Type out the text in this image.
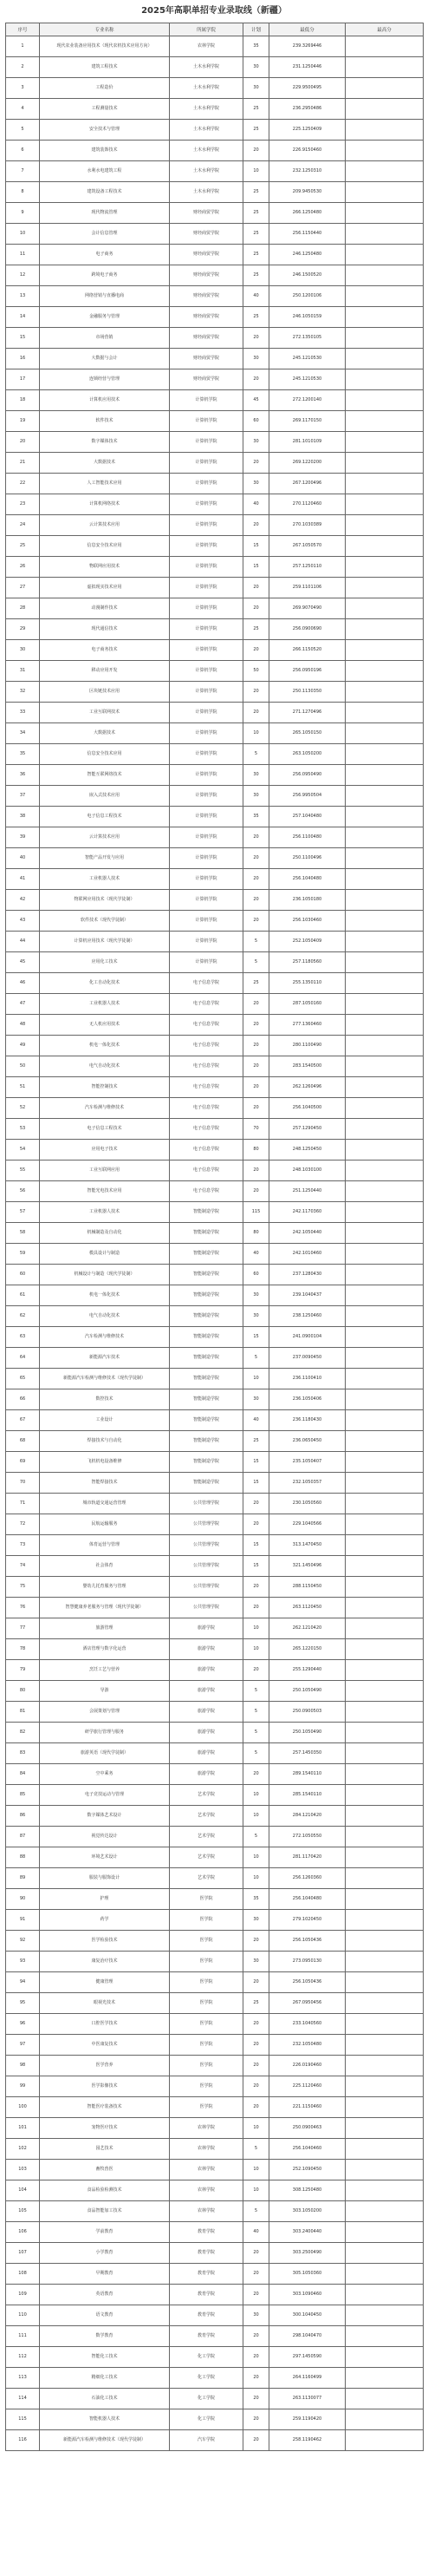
2025年高职单招专业录取线（新疆）
序号	专业名称	所属学院	计划	最低分	最高分
1	现代农业装备应用技术（现代农机技术应用方向）	农林学院	35	239.3269446	
2	建筑工程技术	土木水利学院	30	231.1250446	
3	工程造价	土木水利学院	30	229.9500495	
4	工程测量技术	土木水利学院	25	236.2950486	
5	安全技术与管理	土木水利学院	25	225.1250409	
6	建筑装饰技术	土木水利学院	20	226.9150460	
7	水利水电建筑工程	土木水利学院	10	232.1250310	
8	建筑设备工程技术	土木水利学院	25	209.9450530	
9	现代物流管理	财经商贸学院	25	266.1250480	
10	会计信息管理	财经商贸学院	25	256.1150440	
11	电子商务	财经商贸学院	25	246.1250480	
12	跨境电子商务	财经商贸学院	25	246.1500520	
13	网络营销与直播电商	财经商贸学院	40	250.1200106	
14	金融服务与管理	财经商贸学院	25	246.1050159	
15	市场营销	财经商贸学院	20	272.1350105	
16	大数据与会计	财经商贸学院	30	245.1210530	
17	连锁经营与管理	财经商贸学院	20	245.1210530	
18	计算机应用技术	计算机学院	45	272.1200140	
19	软件技术	计算机学院	60	269.1170150	
20	数字媒体技术	计算机学院	30	281.1010109	
21	大数据技术	计算机学院	20	269.1220200	
22	人工智能技术应用	计算机学院	30	267.1200496	
23	计算机网络技术	计算机学院	40	270.1120460	
24	云计算技术应用	计算机学院	20	270.1030389	
25	信息安全技术应用	计算机学院	15	267.1050570	
26	物联网应用技术	计算机学院	15	257.1250110	
27	虚拟现实技术应用	计算机学院	20	259.1101106	
28	动漫制作技术	计算机学院	20	269.9070490	
29	现代通信技术	计算机学院	25	256.0900690	
30	电子商务技术	计算机学院	20	266.1150520	
31	移动应用开发	计算机学院	50	256.0950196	
32	区块链技术应用	计算机学院	20	250.1130350	
33	工业互联网技术	计算机学院	20	271.1270496	
34	大数据技术	计算机学院	10	265.1050150	
35	信息安全技术应用	计算机学院	5	263.1050200	
36	智能互联网络技术	计算机学院	30	256.0950490	
37	嵌入式技术应用	计算机学院	30	256.9950504	
38	电子信息工程技术	计算机学院	35	257.1040480	
39	云计算技术应用	计算机学院	20	256.1100480	
40	智能产品开发与应用	计算机学院	20	250.1100496	
41	工业机器人技术	计算机学院	20	256.1040480	
42	物联网应用技术（现代学徒制）	计算机学院	20	236.1050180	
43	软件技术（现代学徒制）	计算机学院	20	256.1030460	
44	计算机应用技术（现代学徒制）	计算机学院	5	252.1050409	
45	应用化工技术	计算机学院	5	257.1180560	
46	化工自动化技术	电子信息学院	25	255.1350110	
47	工业机器人技术	电子信息学院	20	287.1050160	
48	无人机应用技术	电子信息学院	20	277.1360460	
49	机电一体化技术	电子信息学院	20	280.1100490	
50	电气自动化技术	电子信息学院	20	283.1540500	
51	智能控制技术	电子信息学院	20	262.1260496	
52	汽车检测与维修技术	电子信息学院	20	256.1040500	
53	电子信息工程技术	电子信息学院	70	257.1290450	
54	应用电子技术	电子信息学院	80	248.1250450	
55	工业互联网应用	电子信息学院	20	248.1030100	
56	智能光电技术应用	电子信息学院	20	251.1250440	
57	工业机器人技术	智能制造学院	115	242.1170360	
58	机械制造及自动化	智能制造学院	80	242.1050440	
59	模具设计与制造	智能制造学院	40	242.1010460	
60	机械设计与制造（现代学徒制）	智能制造学院	60	237.1280430	
61	机电一体化技术	智能制造学院	30	239.1040437	
62	电气自动化技术	智能制造学院	30	238.1250460	
63	汽车检测与维修技术	智能制造学院	15	241.0900104	
64	新能源汽车技术	智能制造学院	5	237.0090450	
65	新能源汽车检测与维修技术（现代学徒制）	智能制造学院	10	236.1100410	
66	数控技术	智能制造学院	30	236.1050406	
67	工业设计	智能制造学院	40	236.1180430	
68	焊接技术与自动化	智能制造学院	25	236.0650450	
69	飞机机电设备维修	智能制造学院	15	235.1050407	
70	智能焊接技术	智能制造学院	15	232.1050357	
71	城市轨道交通运营管理	公共管理学院	20	230.1050560	
72	民航运输服务	公共管理学院	20	229.1040566	
73	体育运营与管理	公共管理学院	15	313.1470450	
74	社会体育	公共管理学院	15	321.1450496	
75	婴幼儿托育服务与管理	公共管理学院	20	288.1150450	
76	智慧健康养老服务与管理（现代学徒制）	公共管理学院	20	263.1120450	
77	旅游管理	旅游学院	10	262.1210420	
78	酒店管理与数字化运营	旅游学院	10	265.1220150	
79	烹饪工艺与营养	旅游学院	20	255.1290440	
80	导游	旅游学院	5	250.1050490	
81	会展策划与管理	旅游学院	5	250.0900503	
82	研学旅行管理与服务	旅游学院	5	250.1050490	
83	旅游英语（现代学徒制）	旅游学院	5	257.1450350	
84	空中乘务	旅游学院	20	289.1540110	
85	电子竞技运动与管理	艺术学院	10	285.1540110	
86	数字媒体艺术设计	艺术学院	10	284.1210420	
87	视觉传达设计	艺术学院	5	272.1050550	
88	环境艺术设计	艺术学院	10	281.1170420	
89	服装与服饰设计	艺术学院	10	256.1260360	
90	护理	医学院	35	256.1040480	
91	药学	医学院	30	279.1020450	
92	医学检验技术	医学院	20	256.1050436	
93	康复治疗技术	医学院	30	273.0950130	
94	健康管理	医学院	20	256.1050436	
95	眼视光技术	医学院	25	267.0950456	
96	口腔医学技术	医学院	20	233.1040560	
97	中医康复技术	医学院	20	232.1050480	
98	医学营养	医学院	20	226.0190460	
99	医学影像技术	医学院	20	225.1120460	
100	智能医疗装备技术	医学院	20	221.1150460	
101	宠物医疗技术	农林学院	10	250.0900463	
102	园艺技术	农林学院	5	256.1040460	
103	畜牧兽医	农林学院	10	252.1090450	
104	食品检验检测技术	农林学院	10	308.1250480	
105	食品智能加工技术	农林学院	5	303.1050200	
106	学前教育	教育学院	40	303.2400440	
107	小学教育	教育学院	20	303.2500490	
108	早期教育	教育学院	20	305.1050360	
109	英语教育	教育学院	20	303.1090460	
110	语文教育	教育学院	30	300.1040450	
111	数学教育	教育学院	20	298.1040470	
112	智能化工技术	化工学院	20	297.1450590	
113	精细化工技术	化工学院	20	264.1160499	
114	石油化工技术	化工学院	20	263.1130077	
115	智能机器人技术	化工学院	20	259.1190420	
116	新能源汽车检测与维修技术（现代学徒制）	汽车学院	20	258.1190462	
